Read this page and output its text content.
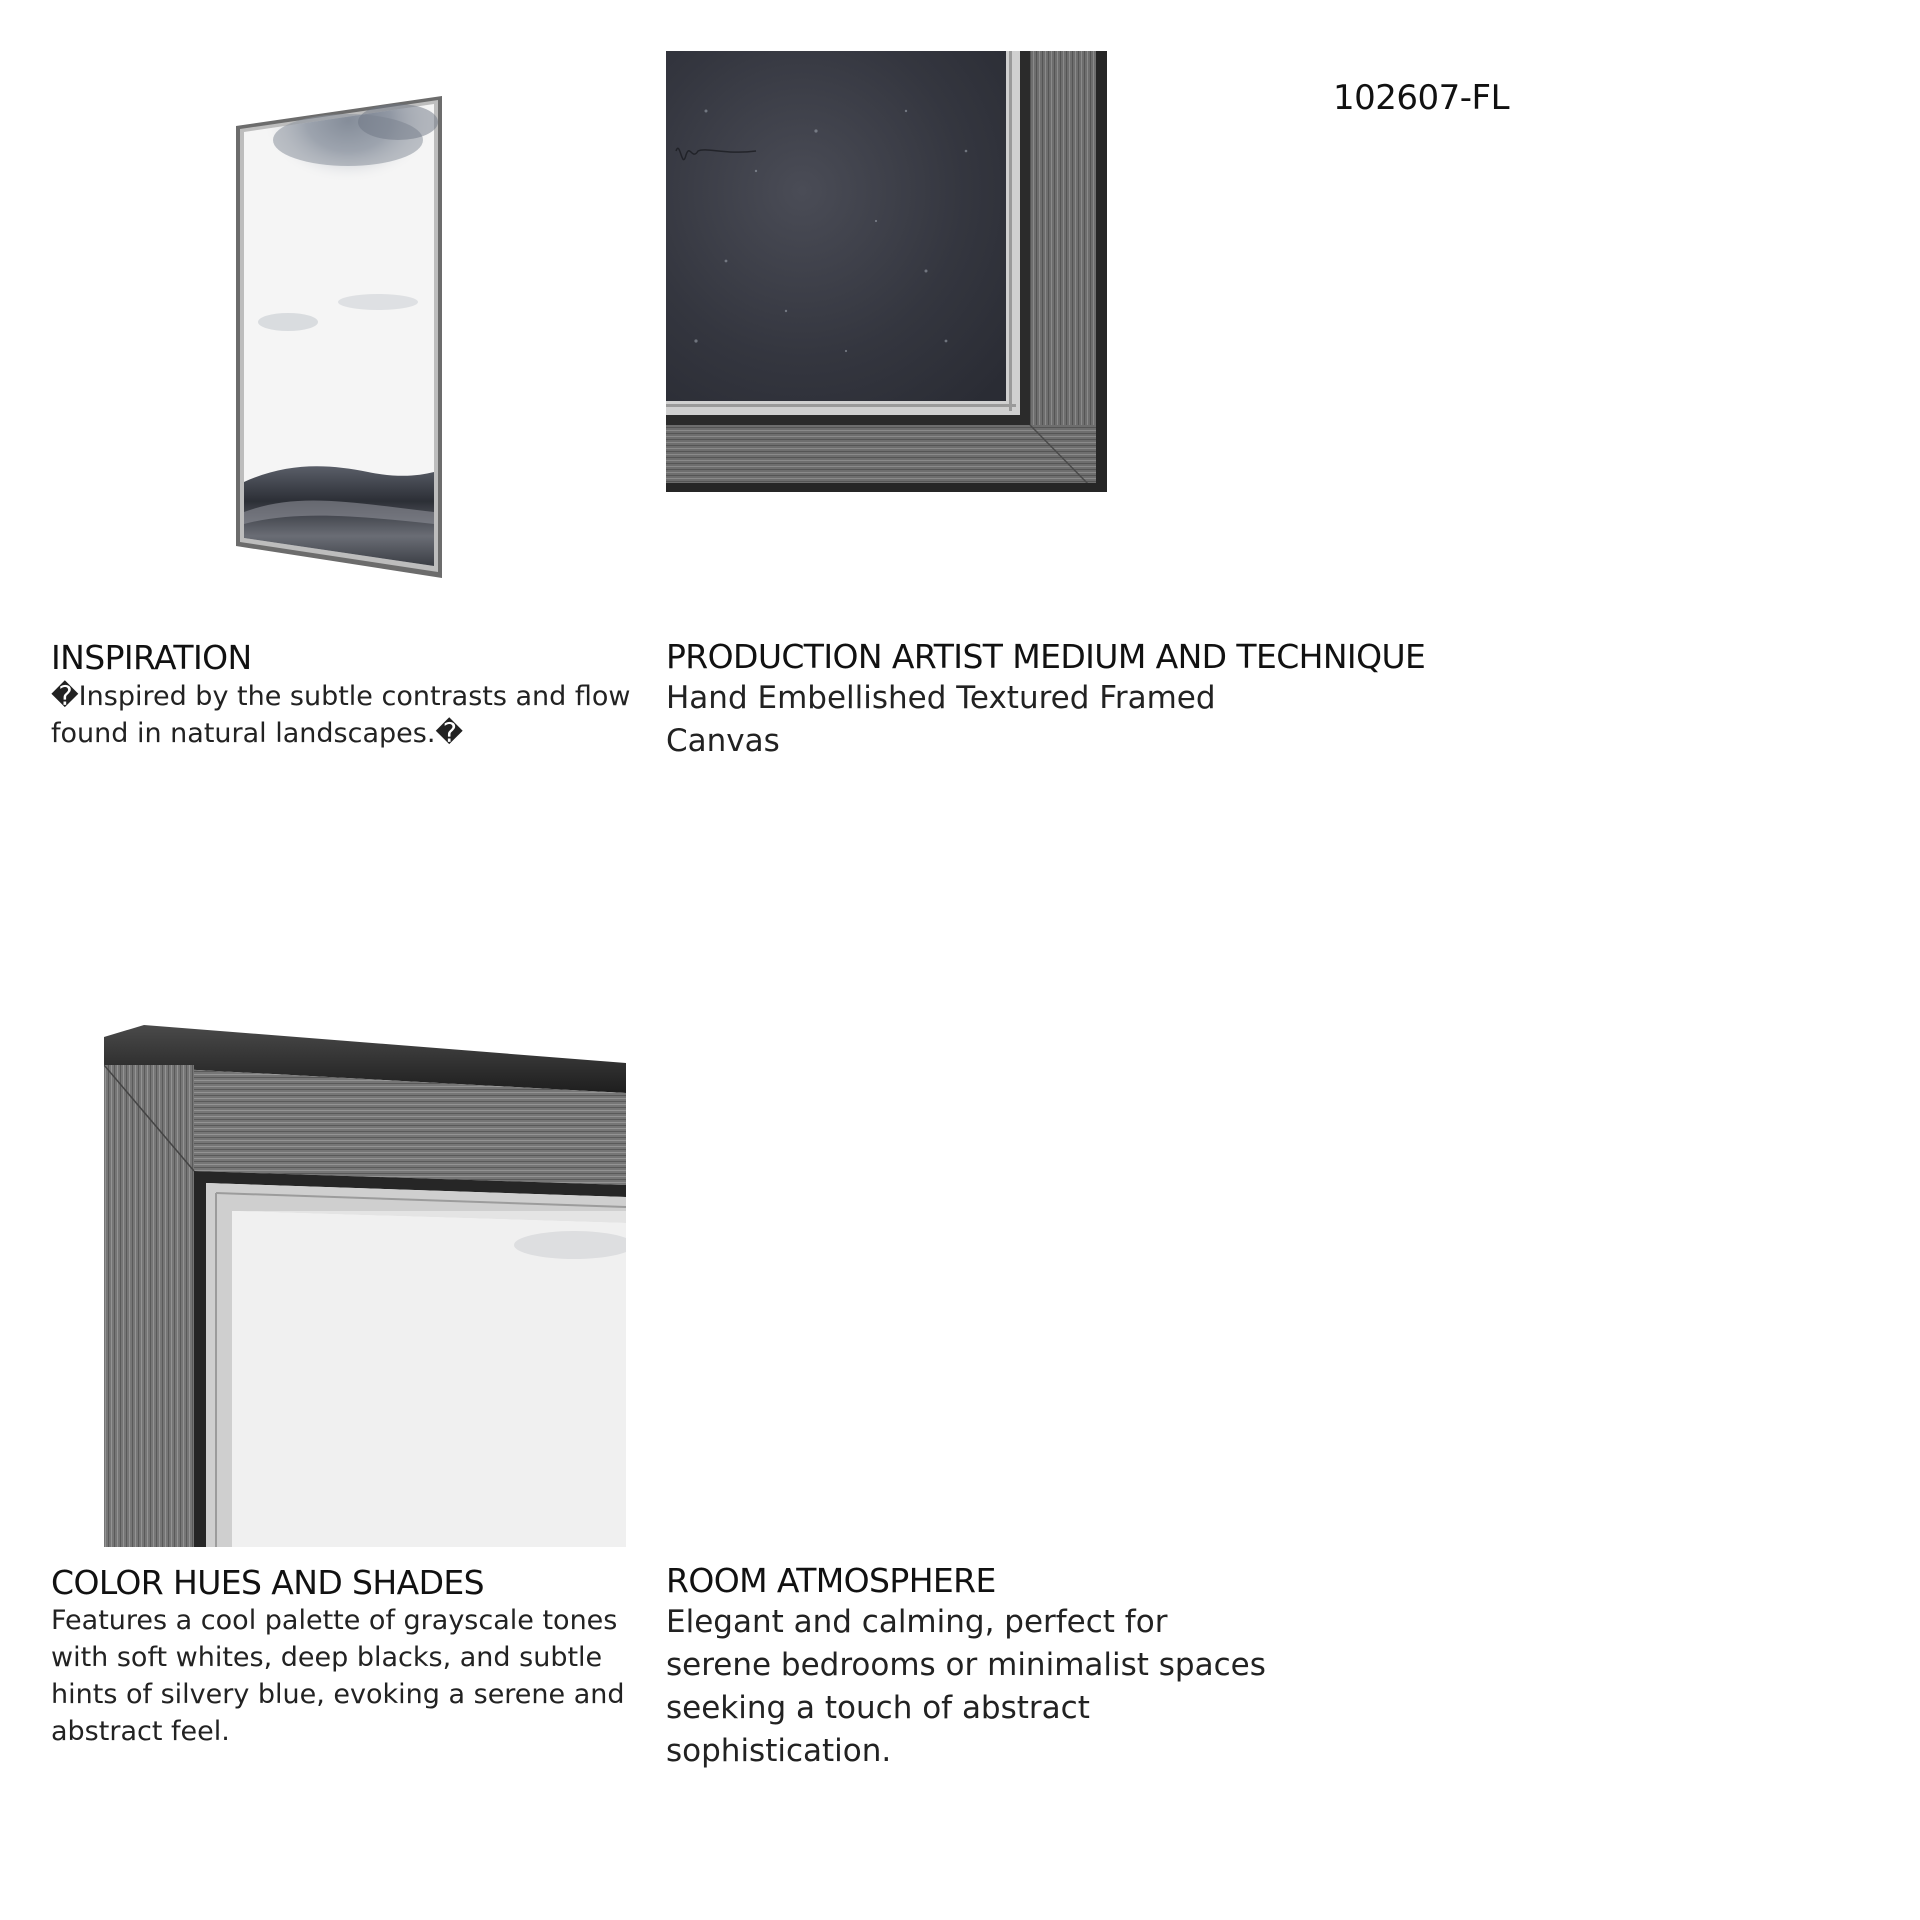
102607-FL
INSPIRATION
�Inspired by the subtle contrasts and flow found in natural landscapes.�
PRODUCTION ARTIST MEDIUM AND TECHNIQUE
Hand Embellished Textured Framed
Canvas
COLOR HUES AND SHADES
Features a cool palette of grayscale tones with soft whites, deep blacks, and subtle hints of silvery blue, evoking a serene and abstract feel.
ROOM ATMOSPHERE
Elegant and calming, perfect for serene bedrooms or minimalist spaces seeking a touch of abstract sophistication.
